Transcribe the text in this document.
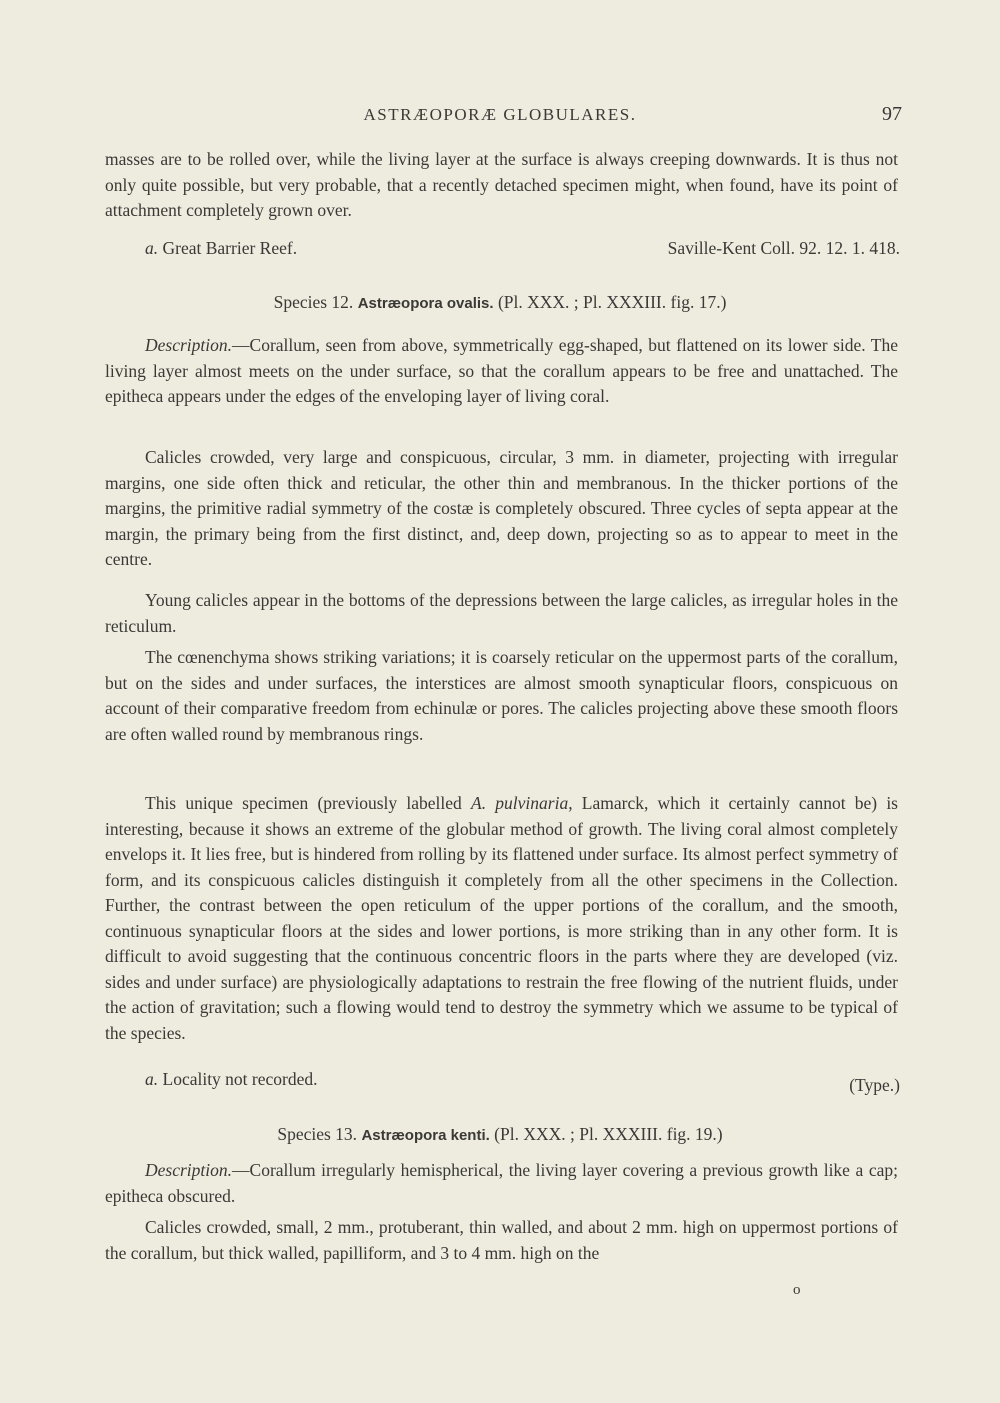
ASTRÆOPORÆ GLOBULARES.	97

masses are to be rolled over, while the living layer at the surface is always creeping downwards. It is thus not only quite possible, but very probable, that a recently detached specimen might, when found, have its point of attachment completely grown over.

a. Great Barrier Reef.	Saville-Kent Coll. 92. 12. 1. 418.
Species 12. Astræopora ovalis. (Pl. XXX. ; Pl. XXXIII. fig. 17.)

Description.—Corallum, seen from above, symmetrically egg-shaped, but flattened on its lower side. The living layer almost meets on the under surface, so that the corallum appears to be free and unattached. The epitheca appears under the edges of the enveloping layer of living coral.

Calicles crowded, very large and conspicuous, circular, 3 mm. in diameter, projecting with irregular margins, one side often thick and reticular, the other thin and membranous. In the thicker portions of the margins, the primitive radial symmetry of the costæ is completely obscured. Three cycles of septa appear at the margin, the primary being from the first distinct, and, deep down, projecting so as to appear to meet in the centre.

Young calicles appear in the bottoms of the depressions between the large calicles, as irregular holes in the reticulum.

The cœnenchyma shows striking variations; it is coarsely reticular on the uppermost parts of the corallum, but on the sides and under surfaces, the interstices are almost smooth synapticular floors, conspicuous on account of their comparative freedom from echinulæ or pores. The calicles projecting above these smooth floors are often walled round by membranous rings.

This unique specimen (previously labelled A. pulvinaria, Lamarck, which it certainly cannot be) is interesting, because it shows an extreme of the globular method of growth. The living coral almost completely envelops it. It lies free, but is hindered from rolling by its flattened under surface. Its almost perfect symmetry of form, and its conspicuous calicles distinguish it completely from all the other specimens in the Collection. Further, the contrast between the open reticulum of the upper portions of the corallum, and the smooth, continuous synapticular floors at the sides and lower portions, is more striking than in any other form. It is difficult to avoid suggesting that the continuous concentric floors in the parts where they are developed (viz. sides and under surface) are physiologically adaptations to restrain the free flowing of the nutrient fluids, under the action of gravitation; such a flowing would tend to destroy the symmetry which we assume to be typical of the species.

a. Locality not recorded.	(Type.)
Species 13. Astræopora kenti. (Pl. XXX. ; Pl. XXXIII. fig. 19.)

Description.—Corallum irregularly hemispherical, the living layer covering a previous growth like a cap; epitheca obscured.

Calicles crowded, small, 2 mm., protuberant, thin walled, and about 2 mm. high on uppermost portions of the corallum, but thick walled, papilliform, and 3 to 4 mm. high on the

o
